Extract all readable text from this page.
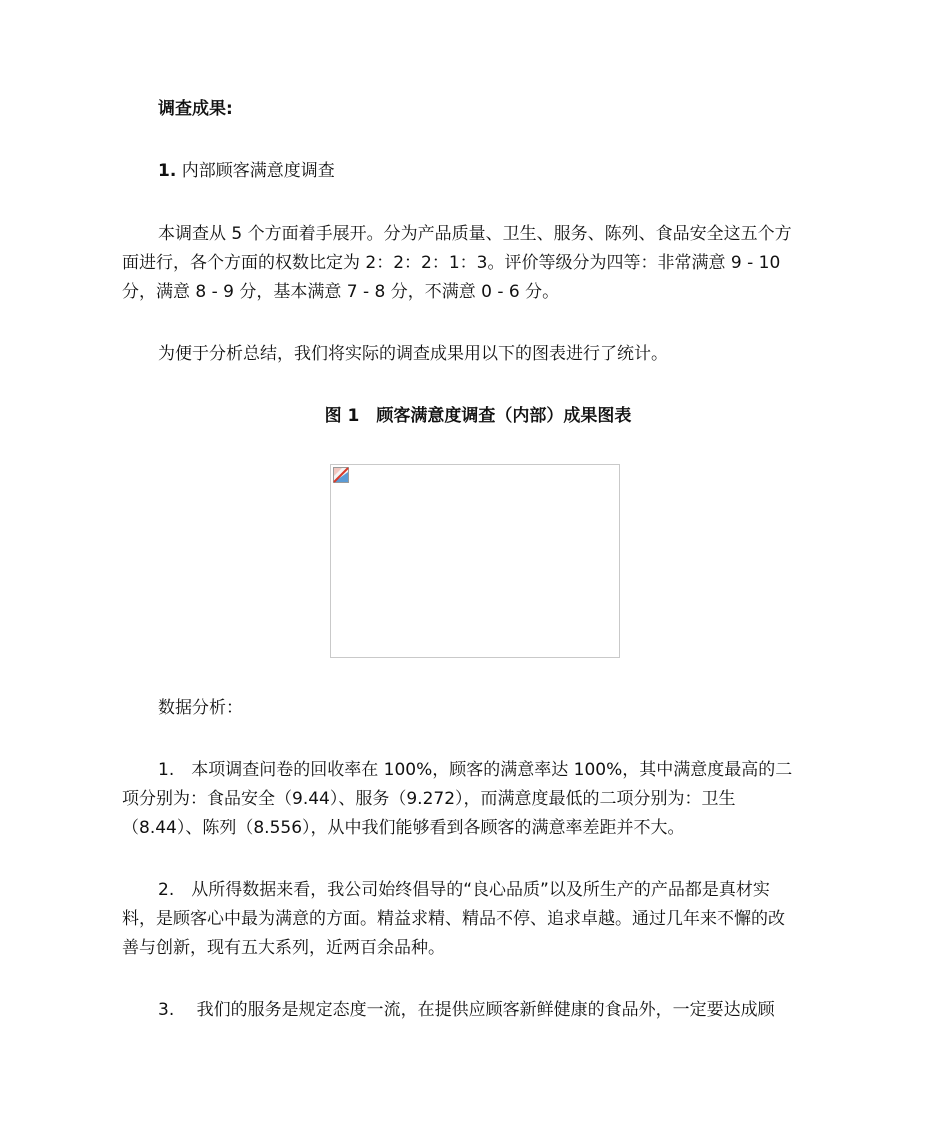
调查成果:

1. 内部顾客满意度调查

本调查从 5 个方面着手展开。分为产品质量、卫生、服务、陈列、食品安全这五个方

面进行，各个方面的权数比定为 2：2：2：1：3。评价等级分为四等：非常满意 9 - 10

分，满意 8 - 9 分，基本满意 7 - 8 分，不满意 0 - 6 分。

为便于分析总结，我们将实际的调查成果用以下的图表进行了统计。

图 1　顾客满意度调查（内部）成果图表

数据分析：

1.　本项调查问卷的回收率在 100%，顾客的满意率达 100%，其中满意度最高的二

项分别为：食品安全（9.44）、服务（9.272），而满意度最低的二项分别为：卫生

（8.44）、陈列（8.556），从中我们能够看到各顾客的满意率差距并不大。

2.　从所得数据来看，我公司始终倡导的“良心品质”以及所生产的产品都是真材实

料，是顾客心中最为满意的方面。精益求精、精品不停、追求卓越。通过几年来不懈的改

善与创新，现有五大系列，近两百余品种。

3.　 我们的服务是规定态度一流，在提供应顾客新鲜健康的食品外，一定要达成顾
